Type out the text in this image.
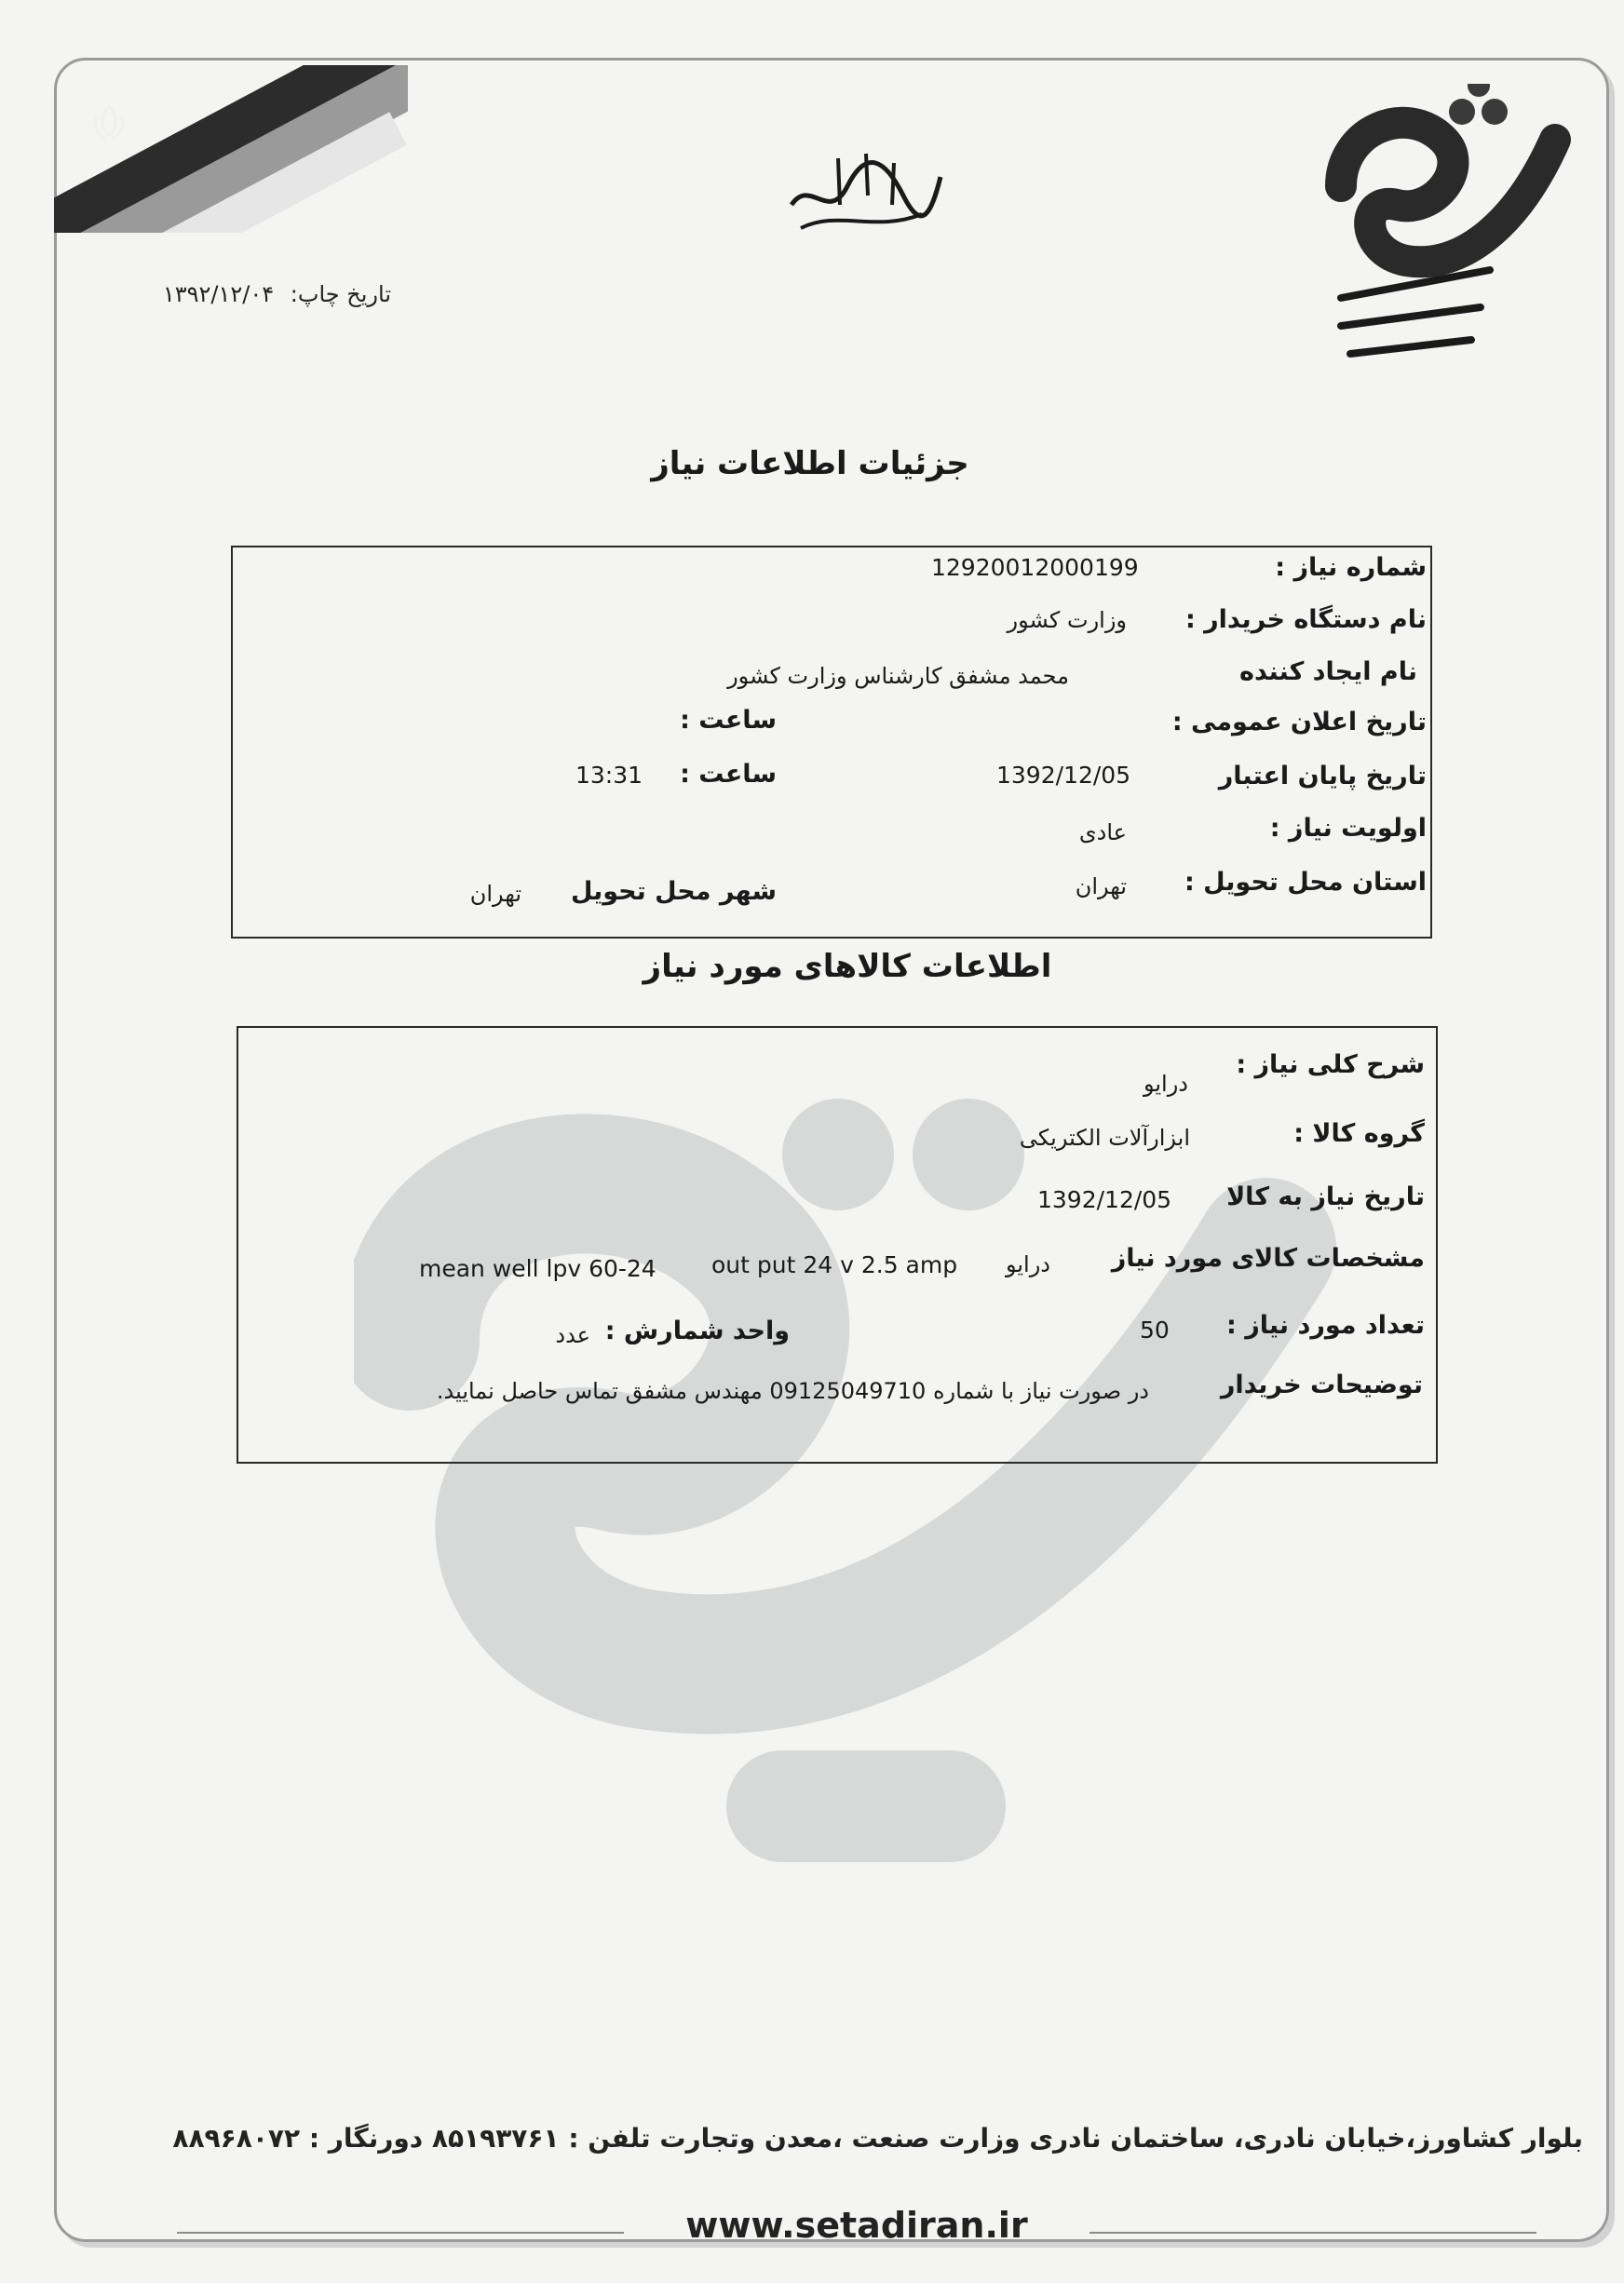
تاریخ چاپ: ۱۳۹۲/۱۲/۰۴
جزئیات اطلاعات نیاز
شماره نیاز :
12920012000199
نام دستگاه خریدار :
وزارت کشور
نام ایجاد کننده
محمد مشفق کارشناس وزارت کشور
تاریخ اعلان عمومی :
ساعت :
تاریخ پایان اعتبار
1392/12/05
ساعت :
13:31
اولویت نیاز :
عادی
استان محل تحویل :
تهران
شهر محل تحویل
تهران
اطلاعات کالاهای مورد نیاز
شرح کلی نیاز :
درایو
گروه کالا :
ابزارآلات الکتریکی
تاریخ نیاز به کالا
1392/12/05
مشخصات کالای مورد نیاز
درایو
out put 24 v 2.5 amp
mean well lpv 60-24
تعداد مورد نیاز :
50
واحد شمارش :
عدد
توضیحات خریدار
در صورت نیاز با شماره 09125049710 مهندس مشفق تماس حاصل نمایید.
بلوار کشاورز،خیابان نادری، ساختمان نادری وزارت صنعت ،معدن وتجارت تلفن : ۸۵۱۹۳۷۶۱ دورنگار : ۸۸۹۶۸۰۷۲
www.setadiran.ir
